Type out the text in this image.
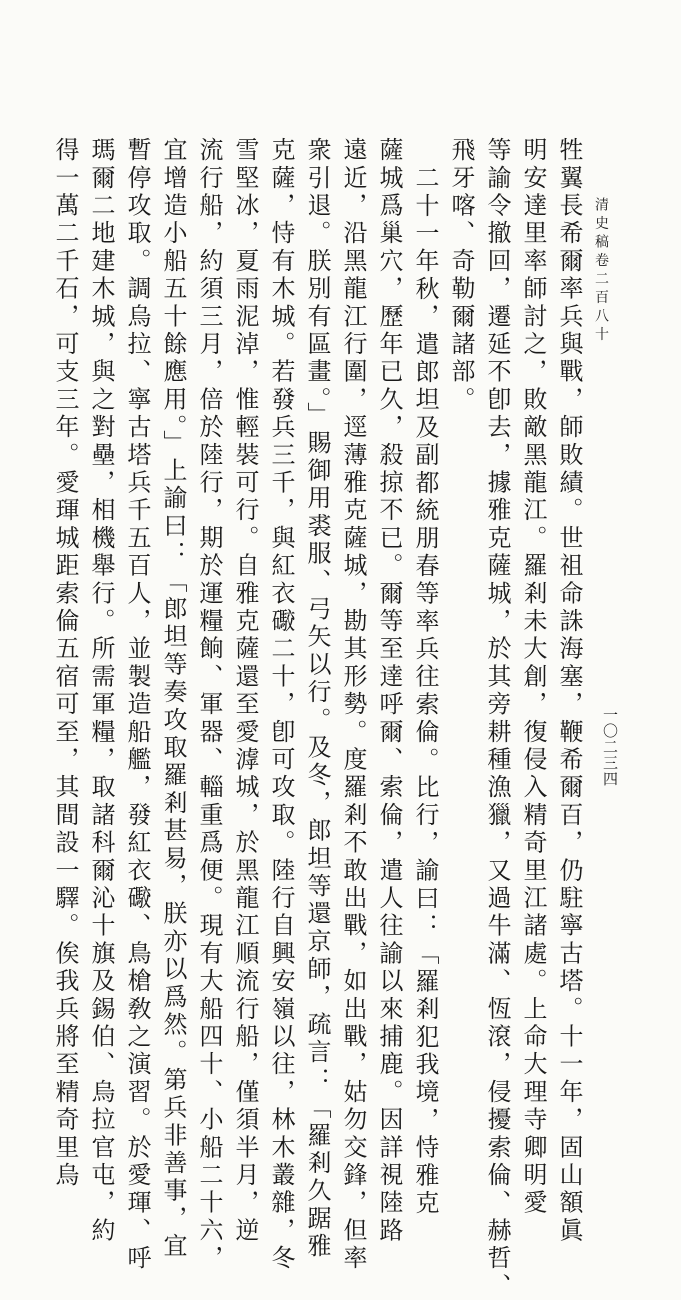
清史稿卷二百八十
一〇二三四
牲翼長希爾率兵與戰，師敗績。世祖命誅海塞，鞭希爾百，仍駐寧古塔。十一年，固山額眞
明安達里率師討之，敗敵黑龍江。羅剎未大創，復侵入精奇里江諸處。上命大理寺卿明愛
等諭令撤回，遷延不卽去，據雅克薩城，於其旁耕種漁獵，又過牛滿、恆滾，侵擾索倫、赫哲、
飛牙喀、奇勒爾諸部。
二十一年秋，遣郎坦及副都統朋春等率兵往索倫。比行，諭曰：「羅剎犯我境，恃雅克
薩城爲巢穴，歷年已久，殺掠不已。爾等至達呼爾、索倫，遣人往諭以來捕鹿。因詳視陸路
遠近，沿黑龍江行圍，逕薄雅克薩城，勘其形勢。度羅剎不敢出戰，如出戰，姑勿交鋒，但率
衆引退。朕別有區畫。」賜御用裘服、弓矢以行。及冬，郎坦等還京師，疏言：「羅剎久踞雅
克薩，恃有木城。若發兵三千，與紅衣礮二十，卽可攻取。陸行自興安嶺以往，林木叢雜，冬
雪堅冰，夏雨泥淖，惟輕裝可行。自雅克薩還至愛滹城，於黑龍江順流行船，僅須半月，逆
流行船，約須三月，倍於陸行，期於運糧餉、軍器、輜重爲便。現有大船四十、小船二十六，
宜增造小船五十餘應用。」上諭曰：「郎坦等奏攻取羅剎甚易，朕亦以爲然。第兵非善事，宜
暫停攻取。調烏拉、寧古塔兵千五百人，並製造船艦，發紅衣礮、鳥槍敎之演習。於愛琿、呼
瑪爾二地建木城，與之對壘，相機舉行。所需軍糧，取諸科爾沁十旗及錫伯、烏拉官屯，約
得一萬二千石，可支三年。愛琿城距索倫五宿可至，其間設一驛。俟我兵將至精奇里烏
